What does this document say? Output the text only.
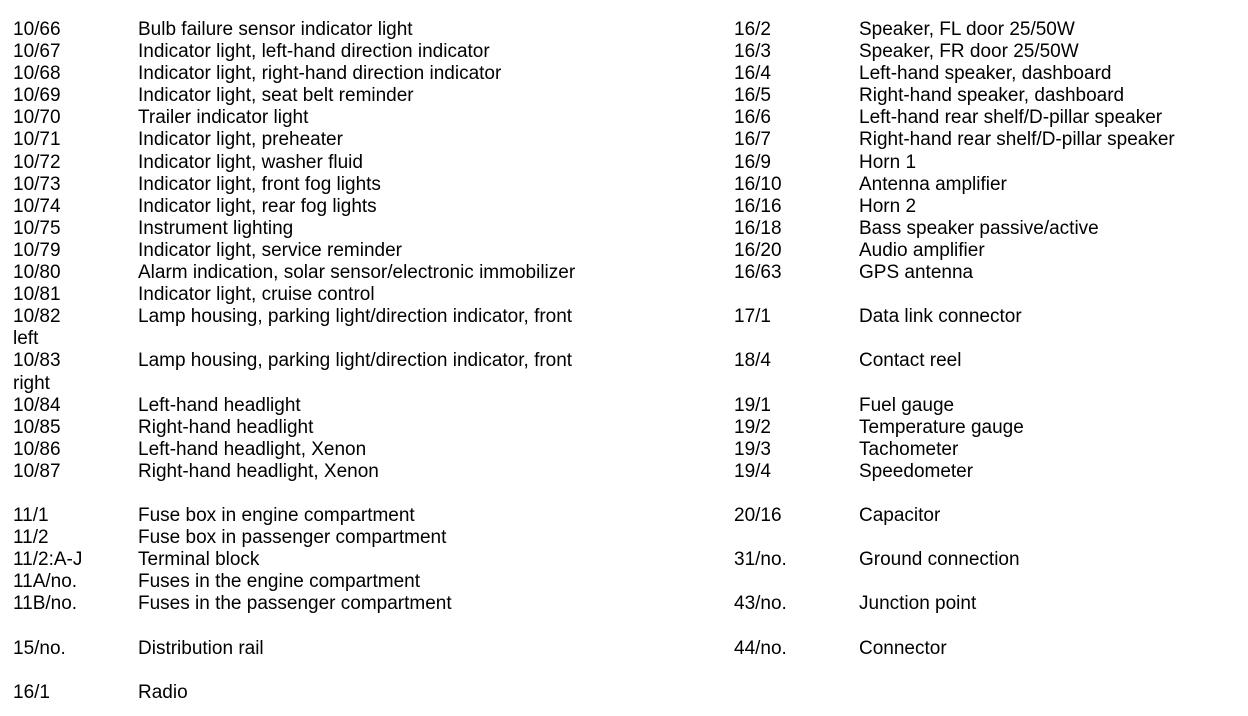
10/66	Bulb failure sensor indicator light
10/67	Indicator light, left-hand direction indicator
10/68	Indicator light, right-hand direction indicator
10/69	Indicator light, seat belt reminder
10/70	Trailer indicator light
10/71	Indicator light, preheater
10/72	Indicator light, washer fluid
10/73	Indicator light, front fog lights
10/74	Indicator light, rear fog lights
10/75	Instrument lighting
10/79	Indicator light, service reminder
10/80	Alarm indication, solar sensor/electronic immobilizer
10/81	Indicator light, cruise control
10/82	Lamp housing, parking light/direction indicator, front
left
10/83	Lamp housing, parking light/direction indicator, front
right
10/84	Left-hand headlight
10/85	Right-hand headlight
10/86	Left-hand headlight, Xenon
10/87	Right-hand headlight, Xenon
11/1	Fuse box in engine compartment
11/2	Fuse box in passenger compartment
11/2:A-J	Terminal block
11A/no.	Fuses in the engine compartment
11B/no.	Fuses in the passenger compartment
15/no.	Distribution rail
16/1	Radio
16/2	Speaker, FL door 25/50W
16/3	Speaker, FR door 25/50W
16/4	Left-hand speaker, dashboard
16/5	Right-hand speaker, dashboard
16/6	Left-hand rear shelf/D-pillar speaker
16/7	Right-hand rear shelf/D-pillar speaker
16/9	Horn 1
16/10	Antenna amplifier
16/16	Horn 2
16/18	Bass speaker passive/active
16/20	Audio amplifier
16/63	GPS antenna
17/1	Data link connector
18/4	Contact reel
19/1	Fuel gauge
19/2	Temperature gauge
19/3	Tachometer
19/4	Speedometer
20/16	Capacitor
31/no.	Ground connection
43/no.	Junction point
44/no.	Connector
